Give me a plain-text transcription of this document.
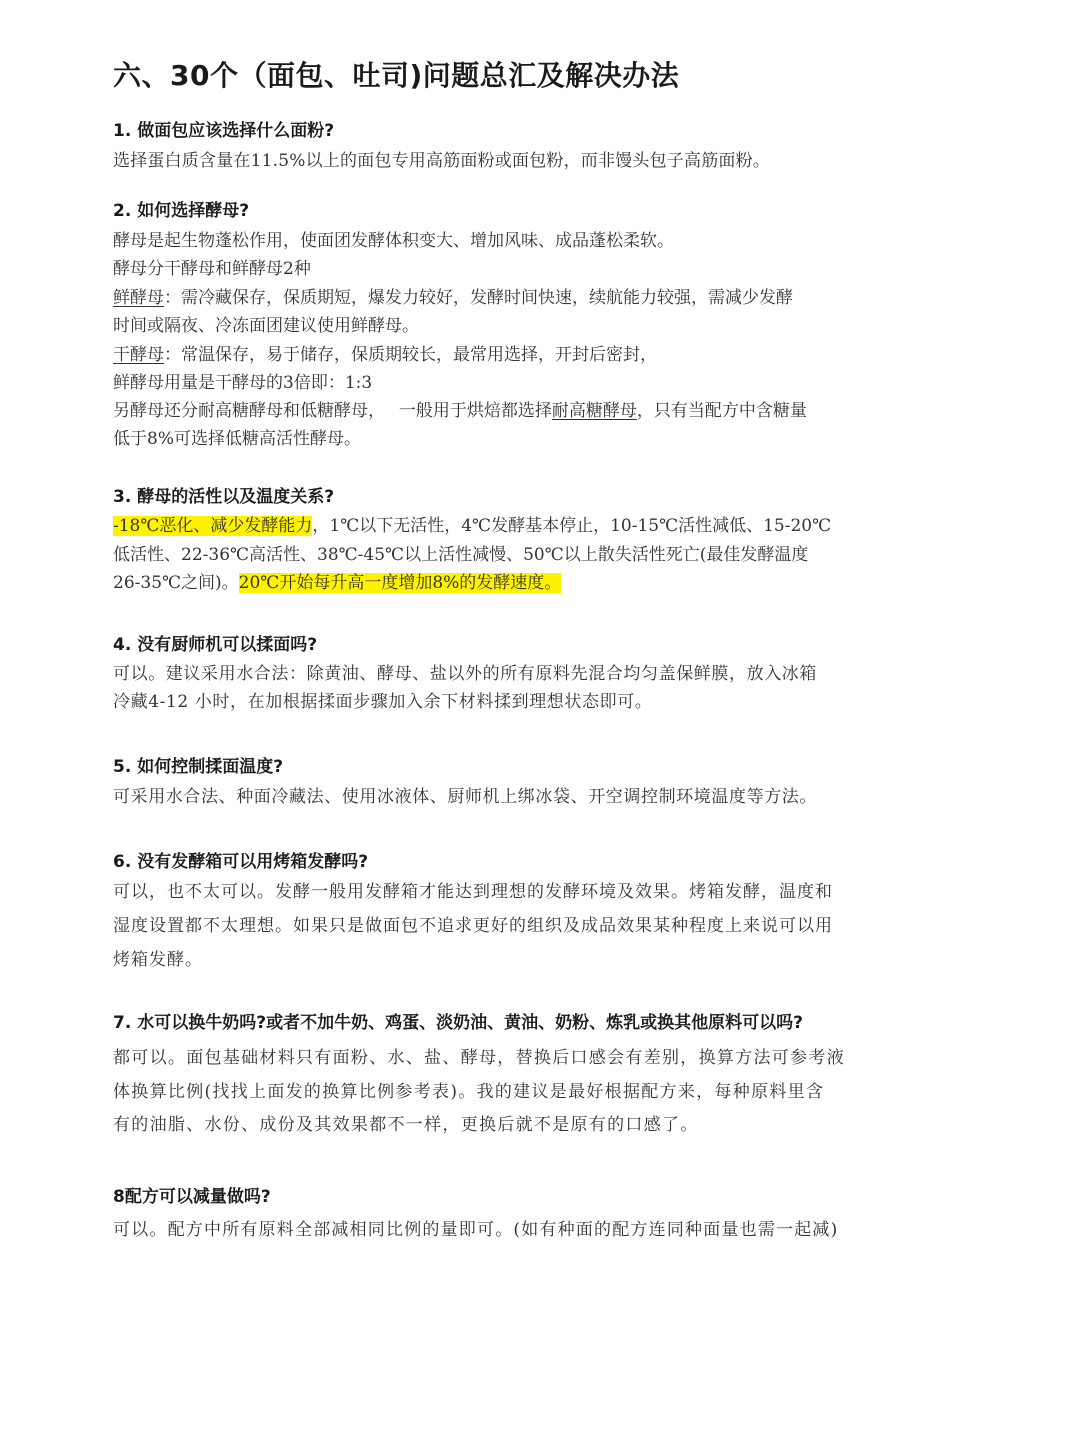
六、30个（面包、吐司)问题总汇及解决办法
1. 做面包应该选择什么面粉?
选择蛋白质含量在11.5%以上的面包专用高筋面粉或面包粉，而非馒头包子高筋面粉。
2. 如何选择酵母?
酵母是起生物蓬松作用，使面团发酵体积变大、增加风味、成品蓬松柔软。
酵母分干酵母和鲜酵母2种
鲜酵母：需冷藏保存，保质期短，爆发力较好，发酵时间快速，续航能力较强，需减少发酵
时间或隔夜、冷冻面团建议使用鲜酵母。
干酵母：常温保存，易于储存，保质期较长，最常用选择，开封后密封，
鲜酵母用量是干酵母的3倍即：1:3
另酵母还分耐高糖酵母和低糖酵母，　 一般用于烘焙都选择耐高糖酵母，只有当配方中含糖量
低于8%可选择低糖高活性酵母。
3. 酵母的活性以及温度关系?
-18℃恶化、减少发酵能力，1℃以下无活性，4℃发酵基本停止，10-15℃活性减低、15-20℃
低活性、22-36℃高活性、38℃-45℃以上活性减慢、50℃以上散失活性死亡(最佳发酵温度
26-35℃之间)。20℃开始每升高一度增加8%的发酵速度。
4. 没有厨师机可以揉面吗?
可以。建议采用水合法：除黄油、酵母、盐以外的所有原料先混合均匀盖保鲜膜，放入冰箱
冷藏4-12 小时，在加根据揉面步骤加入余下材料揉到理想状态即可。
5. 如何控制揉面温度?
可采用水合法、种面冷藏法、使用冰液体、厨师机上绑冰袋、开空调控制环境温度等方法。
6. 没有发酵箱可以用烤箱发酵吗?
可以，也不太可以。发酵一般用发酵箱才能达到理想的发酵环境及效果。烤箱发酵，温度和
湿度设置都不太理想。如果只是做面包不追求更好的组织及成品效果某种程度上来说可以用
烤箱发酵。
7. 水可以换牛奶吗?或者不加牛奶、鸡蛋、淡奶油、黄油、奶粉、炼乳或换其他原料可以吗?
都可以。面包基础材料只有面粉、水、盐、酵母，替换后口感会有差别，换算方法可参考液
体换算比例(找找上面发的换算比例参考表)。我的建议是最好根据配方来，每种原料里含
有的油脂、水份、成份及其效果都不一样，更换后就不是原有的口感了。
8配方可以减量做吗?
可以。配方中所有原料全部减相同比例的量即可。(如有种面的配方连同种面量也需一起减)
